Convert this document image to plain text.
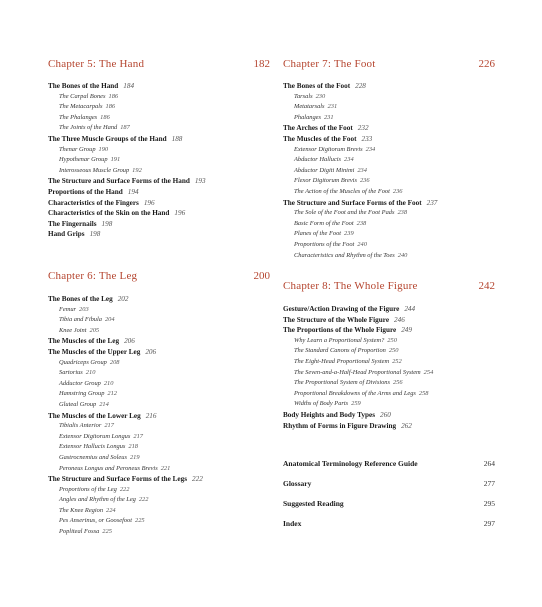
Chapter 5: The Hand	182
The Bones of the Hand 184
The Carpal Bones 186
The Metacarpals 186
The Phalanges 186
The Joints of the Hand 187
The Three Muscle Groups of the Hand 188
Thenar Group 190
Hypothenar Group 191
Interosseous Muscle Group 192
The Structure and Surface Forms of the Hand 193
Proportions of the Hand 194
Characteristics of the Fingers 196
Characteristics of the Skin on the Hand 196
The Fingernails 198
Hand Grips 198
Chapter 6: The Leg	200
The Bones of the Leg 202
Femur 203
Tibia and Fibula 204
Knee Joint 205
The Muscles of the Leg 206
The Muscles of the Upper Leg 206
Quadriceps Group 208
Sartorius 210
Adductor Group 210
Hamstring Group 212
Gluteal Group 214
The Muscles of the Lower Leg 216
Tibialis Anterior 217
Extensor Digitorum Longus 217
Extensor Hallucis Longus 218
Gastrocnemius and Soleus 219
Peroneus Longus and Peroneus Brevis 221
The Structure and Surface Forms of the Legs 222
Proportions of the Leg 222
Angles and Rhythm of the Leg 222
The Knee Region 224
Pes Anserinus, or Goosefoot 225
Popliteal Fossa 225
Chapter 7: The Foot	226
The Bones of the Foot 228
Tarsals 230
Metatarsals 231
Phalanges 231
The Arches of the Foot 232
The Muscles of the Foot 233
Extensor Digitorum Brevis 234
Abductor Hallucis 234
Abductor Digiti Minimi 234
Flexor Digitorum Brevis 236
The Action of the Muscles of the Foot 236
The Structure and Surface Forms of the Foot 237
The Sole of the Foot and the Foot Pads 238
Basic Form of the Foot 238
Planes of the Foot 239
Proportions of the Foot 240
Characteristics and Rhythm of the Toes 240
Chapter 8: The Whole Figure	242
Gesture/Action Drawing of the Figure 244
The Structure of the Whole Figure 246
The Proportions of the Whole Figure 249
Why Learn a Proportional System? 250
The Standard Canons of Proportion 250
The Eight-Head Proportional System 252
The Seven-and-a-Half-Head Proportional System 254
The Proportional System of Divisions 256
Proportional Breakdowns of the Arms and Legs 258
Widths of Body Parts 259
Body Heights and Body Types 260
Rhythm of Forms in Figure Drawing 262
Anatomical Terminology Reference Guide	264
Glossary	277
Suggested Reading	295
Index	297
